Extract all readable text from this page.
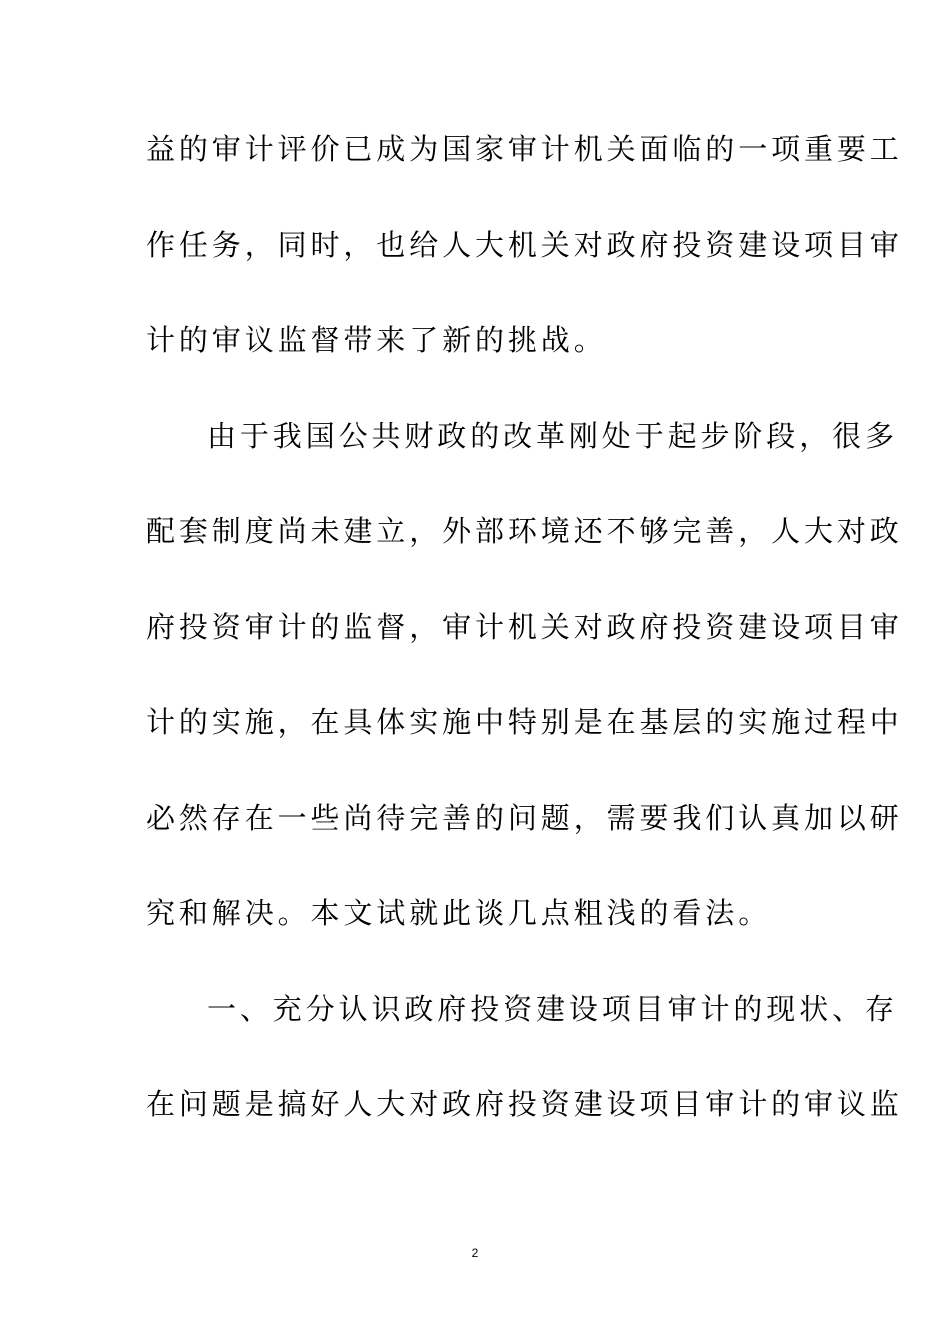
益的审计评价已成为国家审计机关面临的一项重要工
作任务，同时，也给人大机关对政府投资建设项目审
计的审议监督带来了新的挑战。
由于我国公共财政的改革刚处于起步阶段，很多
配套制度尚未建立，外部环境还不够完善，人大对政
府投资审计的监督，审计机关对政府投资建设项目审
计的实施，在具体实施中特别是在基层的实施过程中
必然存在一些尚待完善的问题，需要我们认真加以研
究和解决。本文试就此谈几点粗浅的看法。
一、充分认识政府投资建设项目审计的现状、存
在问题是搞好人大对政府投资建设项目审计的审议监
2
